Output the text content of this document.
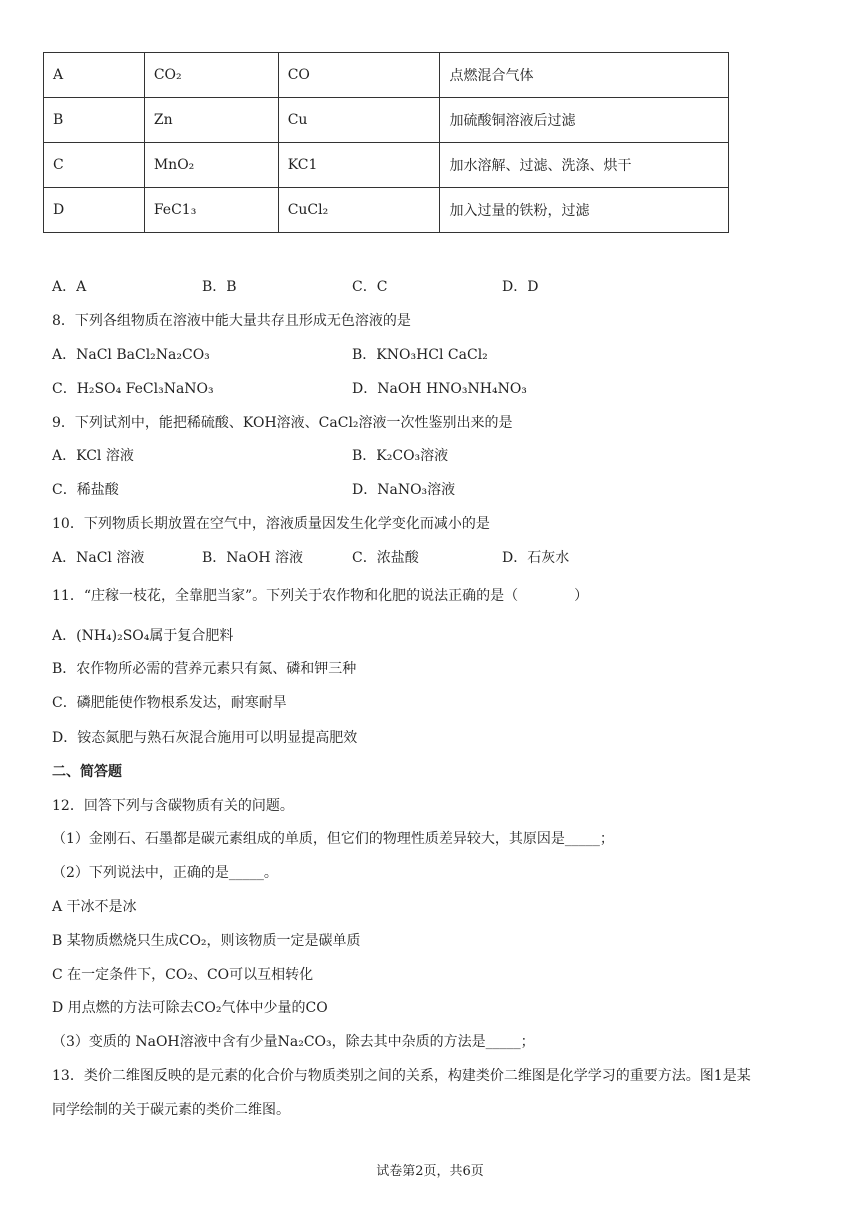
A	CO₂	CO	点燃混合气体
B	Zn	Cu	加硫酸铜溶液后过滤
C	MnO₂	KC1	加水溶解、过滤、洗涤、烘干
D	FeC1₃	CuCl₂	加入过量的铁粉，过滤
A．A	B．B	C．C	D．D
8．下列各组物质在溶液中能大量共存且形成无色溶液的是
A．NaCl BaCl₂Na₂CO₃	B．KNO₃HCl CaCl₂
C．H₂SO₄ FeCl₃NaNO₃	D．NaOH HNO₃NH₄NO₃
9．下列试剂中，能把稀硫酸、KOH溶液、CaCl₂溶液一次性鉴别出来的是
A．KCl 溶液	B．K₂CO₃溶液
C．稀盐酸	D．NaNO₃溶液
10．下列物质长期放置在空气中，溶液质量因发生化学变化而减小的是
A．NaCl 溶液	B．NaOH 溶液	C．浓盐酸	D．石灰水
11．“庄稼一枝花，全靠肥当家”。下列关于农作物和化肥的说法正确的是（　　　　）
A．(NH₄)₂SO₄属于复合肥料
B．农作物所必需的营养元素只有氮、磷和钾三种
C．磷肥能使作物根系发达，耐寒耐旱
D．铵态氮肥与熟石灰混合施用可以明显提高肥效
二、简答题
12．回答下列与含碳物质有关的问题。
（1）金刚石、石墨都是碳元素组成的单质，但它们的物理性质差异较大，其原因是_____；
（2）下列说法中，正确的是_____。
A 干冰不是冰
B 某物质燃烧只生成CO₂，则该物质一定是碳单质
C 在一定条件下，CO₂、CO可以互相转化
D 用点燃的方法可除去CO₂气体中少量的CO
（3）变质的 NaOH溶液中含有少量Na₂CO₃，除去其中杂质的方法是_____；
13．类价二维图反映的是元素的化合价与物质类别之间的关系，构建类价二维图是化学学习的重要方法。图1是某
同学绘制的关于碳元素的类价二维图。
试卷第2页，共6页
